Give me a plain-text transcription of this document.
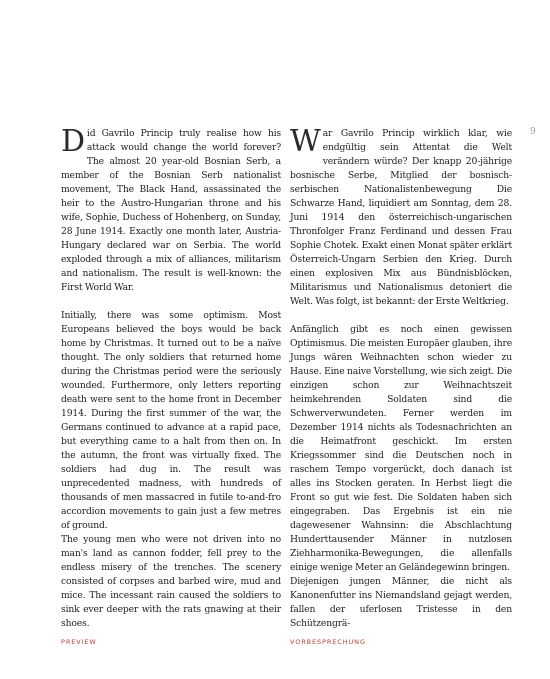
Did Gavrilo Princip truly realise how his attack would change the world forever? The almost 20 year-old Bosnian Serb, a member of the Bosnian Serb nationalist movement, The Black Hand, assassinated the heir to the Austro-Hungarian throne and his wife, Sophie, Duchess of Hohenberg, on Sunday, 28 June 1914. Exactly one month later, Austria-Hungary declared war on Serbia. The world exploded through a mix of alliances, militarism and nationalism. The result is well-known: the First World War.

Initially, there was some optimism. Most Europeans believed the boys would be back home by Christmas. It turned out to be a naïve thought. The only soldiers that returned home during the Christmas period were the seriously wounded. Furthermore, only letters reporting death were sent to the home front in December 1914. During the first summer of the war, the Germans continued to advance at a rapid pace, but everything came to a halt from then on. In the autumn, the front was virtually fixed. The soldiers had dug in. The result was unprecedented madness, with hundreds of thousands of men massacred in futile to-and-fro accordion movements to gain just a few metres of ground.

The young men who were not driven into no man's land as cannon fodder, fell prey to the endless misery of the trenches. The scenery consisted of corpses and barbed wire, mud and mice. The incessant rain caused the soldiers to sink ever deeper with the rats gnawing at their shoes.

War Gavrilo Princip wirklich klar, wie endgültig sein Attentat die Welt verändern würde? Der knapp 20-jährige bosnische Serbe, Mitglied der bosnisch-serbischen Nationalistenbewegung Die Schwarze Hand, liquidiert am Sonntag, dem 28. Juni 1914 den österreichisch-ungarischen Thronfolger Franz Ferdinand und dessen Frau Sophie Chotek. Exakt einen Monat später erklärt Österreich-Ungarn Serbien den Krieg. Durch einen explosiven Mix aus Bündnisblöcken, Militarismus und Nationalismus detoniert die Welt. Was folgt, ist bekannt: der Erste Weltkrieg.

Anfänglich gibt es noch einen gewissen Optimismus. Die meisten Europäer glauben, ihre Jungs wären Weihnachten schon wieder zu Hause. Eine naive Vorstellung, wie sich zeigt. Die einzigen schon zur Weihnachtszeit heimkehrenden Soldaten sind die Schwerverwundeten. Ferner werden im Dezember 1914 nichts als Todesnachrichten an die Heimatfront geschickt. Im ersten Kriegssommer sind die Deutschen noch in raschem Tempo vorgerückt, doch danach ist alles ins Stocken geraten. In Herbst liegt die Front so gut wie fest. Die Soldaten haben sich eingegraben. Das Ergebnis ist ein nie dagewesener Wahnsinn: die Abschlachtung Hunderttausender Männer in nutzlosen Ziehharmonika-Bewegungen, die allenfalls einige wenige Meter an Geländegewinn bringen.

Diejenigen jungen Männer, die nicht als Kanonenfutter ins Niemandsland gejagt werden, fallen der uferlosen Tristesse in den Schützengrä-

9
PREVIEW	VORBESPRECHUNG
